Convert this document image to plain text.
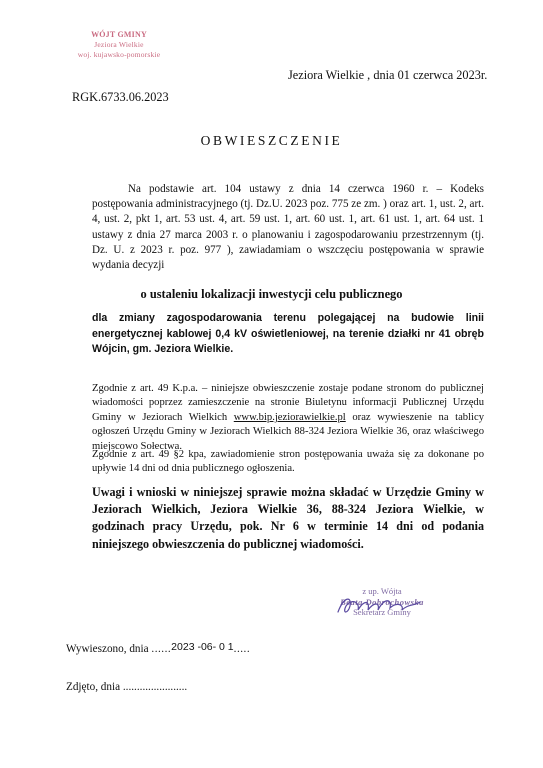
WÓJT GMINY
Jeziora Wielkie
woj. kujawsko-pomorskie
Jeziora Wielkie , dnia 01 czerwca 2023r.
RGK.6733.06.2023
OBWIESZCZENIE
Na podstawie art. 104 ustawy z dnia 14 czerwca 1960 r. – Kodeks postępowania administracyjnego (tj. Dz.U. 2023 poz. 775 ze zm. ) oraz art. 1, ust. 2, art. 4, ust. 2, pkt 1, art. 53 ust. 4, art. 59 ust. 1, art. 60 ust. 1, art. 61 ust. 1, art. 64 ust. 1 ustawy z dnia 27 marca 2003 r. o planowaniu i zagospodarowaniu przestrzennym (tj. Dz. U. z 2023 r. poz. 977 ), zawiadamiam o wszczęciu postępowania w sprawie wydania decyzji
o ustaleniu lokalizacji inwestycji celu publicznego
dla zmiany zagospodarowania terenu polegającej na budowie linii energetycznej kablowej 0,4 kV oświetleniowej, na terenie działki nr 41 obręb Wójcin, gm. Jeziora Wielkie.
Zgodnie z art. 49 K.p.a. – niniejsze obwieszczenie zostaje podane stronom do publicznej wiadomości poprzez zamieszczenie na stronie Biuletynu informacji Publicznej Urzędu Gminy w Jeziorach Wielkich www.bip.jeziorawielkie.pl oraz wywieszenie na tablicy ogłoszeń Urzędu Gminy w Jeziorach Wielkich 88-324 Jeziora Wielkie 36, oraz właściwego miejscowo Sołectwa.
Zgodnie z art. 49 §2 kpa, zawiadomienie stron postępowania uważa się za dokonane po upływie 14 dni od dnia publicznego ogłoszenia.
Uwagi i wnioski w niniejszej sprawie można składać w Urzędzie Gminy w Jeziorach Wielkich, Jeziora Wielkie 36, 88-324 Jeziora Wielkie, w godzinach pracy Urzędu, pok. Nr 6 w terminie 14 dni od podania niniejszego obwieszczenia do publicznej wiadomości.
z up. Wójta
Beata Dobrochowska
Sekretarz Gminy
Wywieszono, dnia ......2023 -06- 0 1.....
Zdjęto, dnia .......................
